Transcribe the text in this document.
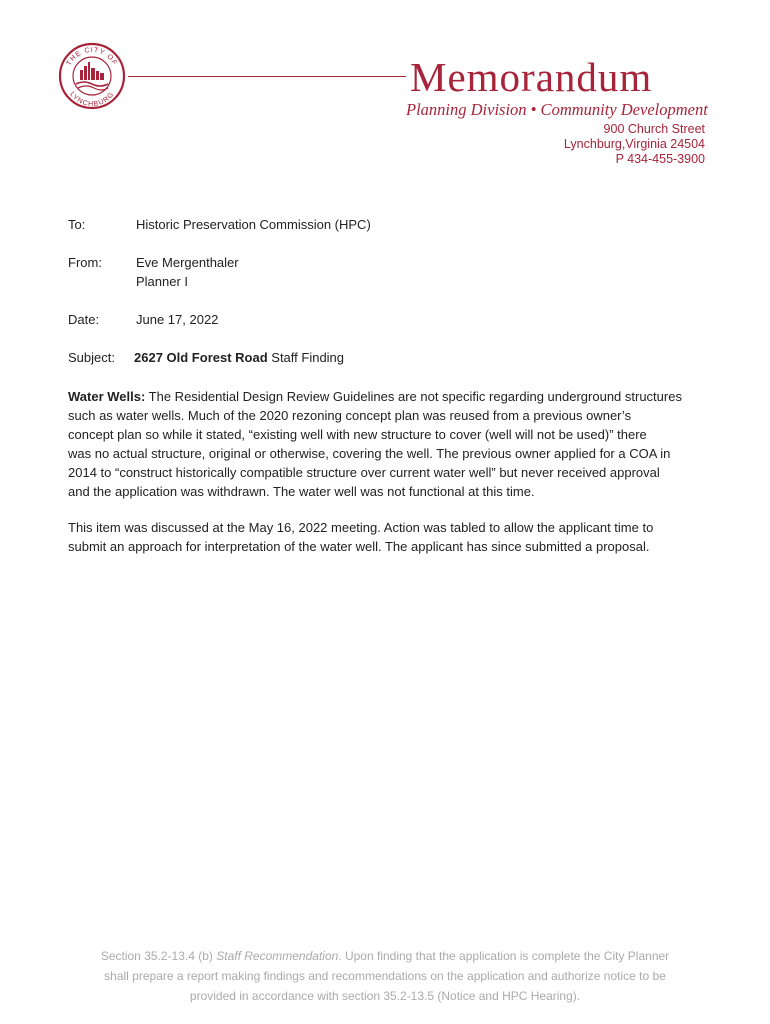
THE CITY OF
LYNCHBURG	Memorandum
Planning Division • Community Development
900 Church Street
Lynchburg,Virginia 24504
P 434-455-3900
To:	Historic Preservation Commission (HPC)
From:	Eve Mergenthaler
Planner I
Date:	June 17, 2022
Subject: 2627 Old Forest Road Staff Finding
Water Wells: The Residential Design Review Guidelines are not specific regarding underground structures
such as water wells. Much of the 2020 rezoning concept plan was reused from a previous owner’s
concept plan so while it stated, “existing well with new structure to cover (well will not be used)” there
was no actual structure, original or otherwise, covering the well. The previous owner applied for a COA in
2014 to “construct historically compatible structure over current water well” but never received approval
and the application was withdrawn. The water well was not functional at this time.
This item was discussed at the May 16, 2022 meeting. Action was tabled to allow the applicant time to
submit an approach for interpretation of the water well. The applicant has since submitted a proposal.
Section 35.2-13.4 (b) Staff Recommendation. Upon finding that the application is complete the City Planner
shall prepare a report making findings and recommendations on the application and authorize notice to be
provided in accordance with section 35.2-13.5 (Notice and HPC Hearing).
